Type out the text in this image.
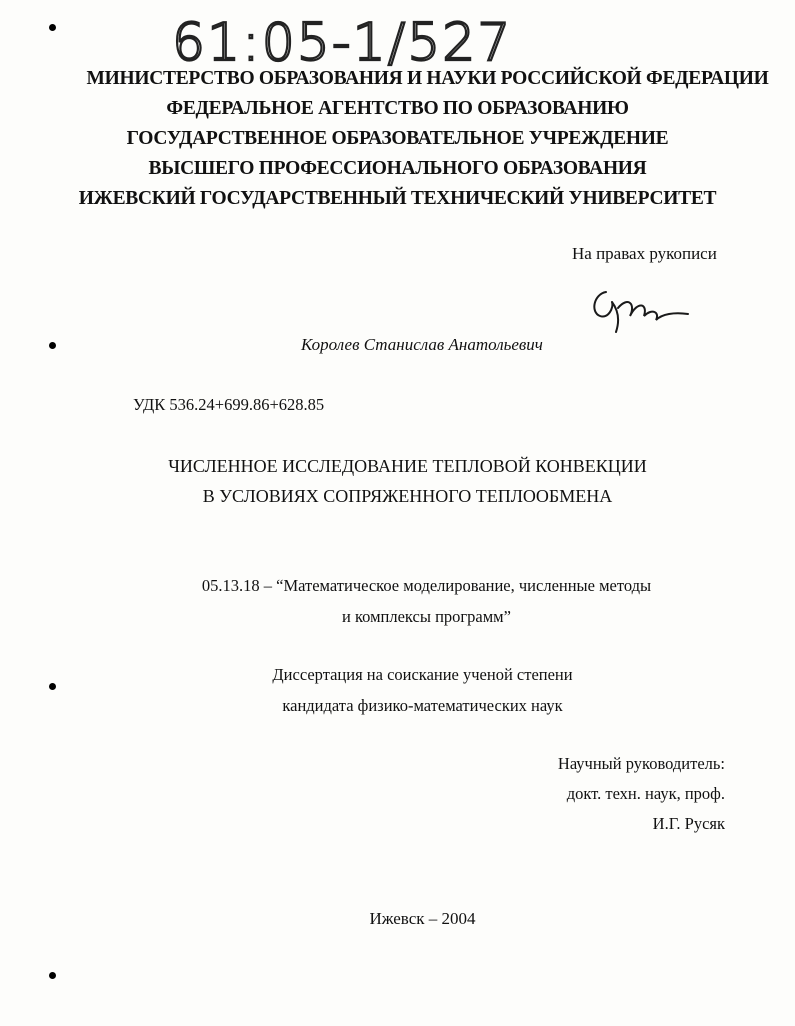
61:05-1/527
МИНИСТЕРСТВО ОБРАЗОВАНИЯ И НАУКИ РОССИЙСКОЙ ФЕДЕРАЦИИ
ФЕДЕРАЛЬНОЕ АГЕНТСТВО ПО ОБРАЗОВАНИЮ
ГОСУДАРСТВЕННОЕ ОБРАЗОВАТЕЛЬНОЕ УЧРЕЖДЕНИЕ
ВЫСШЕГО ПРОФЕССИОНАЛЬНОГО ОБРАЗОВАНИЯ
ИЖЕВСКИЙ ГОСУДАРСТВЕННЫЙ ТЕХНИЧЕСКИЙ УНИВЕРСИТЕТ
На правах рукописи
Королев Станислав Анатольевич
УДК 536.24+699.86+628.85
ЧИСЛЕННОЕ ИССЛЕДОВАНИЕ ТЕПЛОВОЙ КОНВЕКЦИИ
В УСЛОВИЯХ СОПРЯЖЕННОГО ТЕПЛООБМЕНА
05.13.18 – “Математическое моделирование, численные методы
и комплексы программ”
Диссертация на соискание ученой степени
кандидата физико-математических наук
Научный руководитель:
докт. техн. наук, проф.
И.Г. Русяк
Ижевск – 2004
